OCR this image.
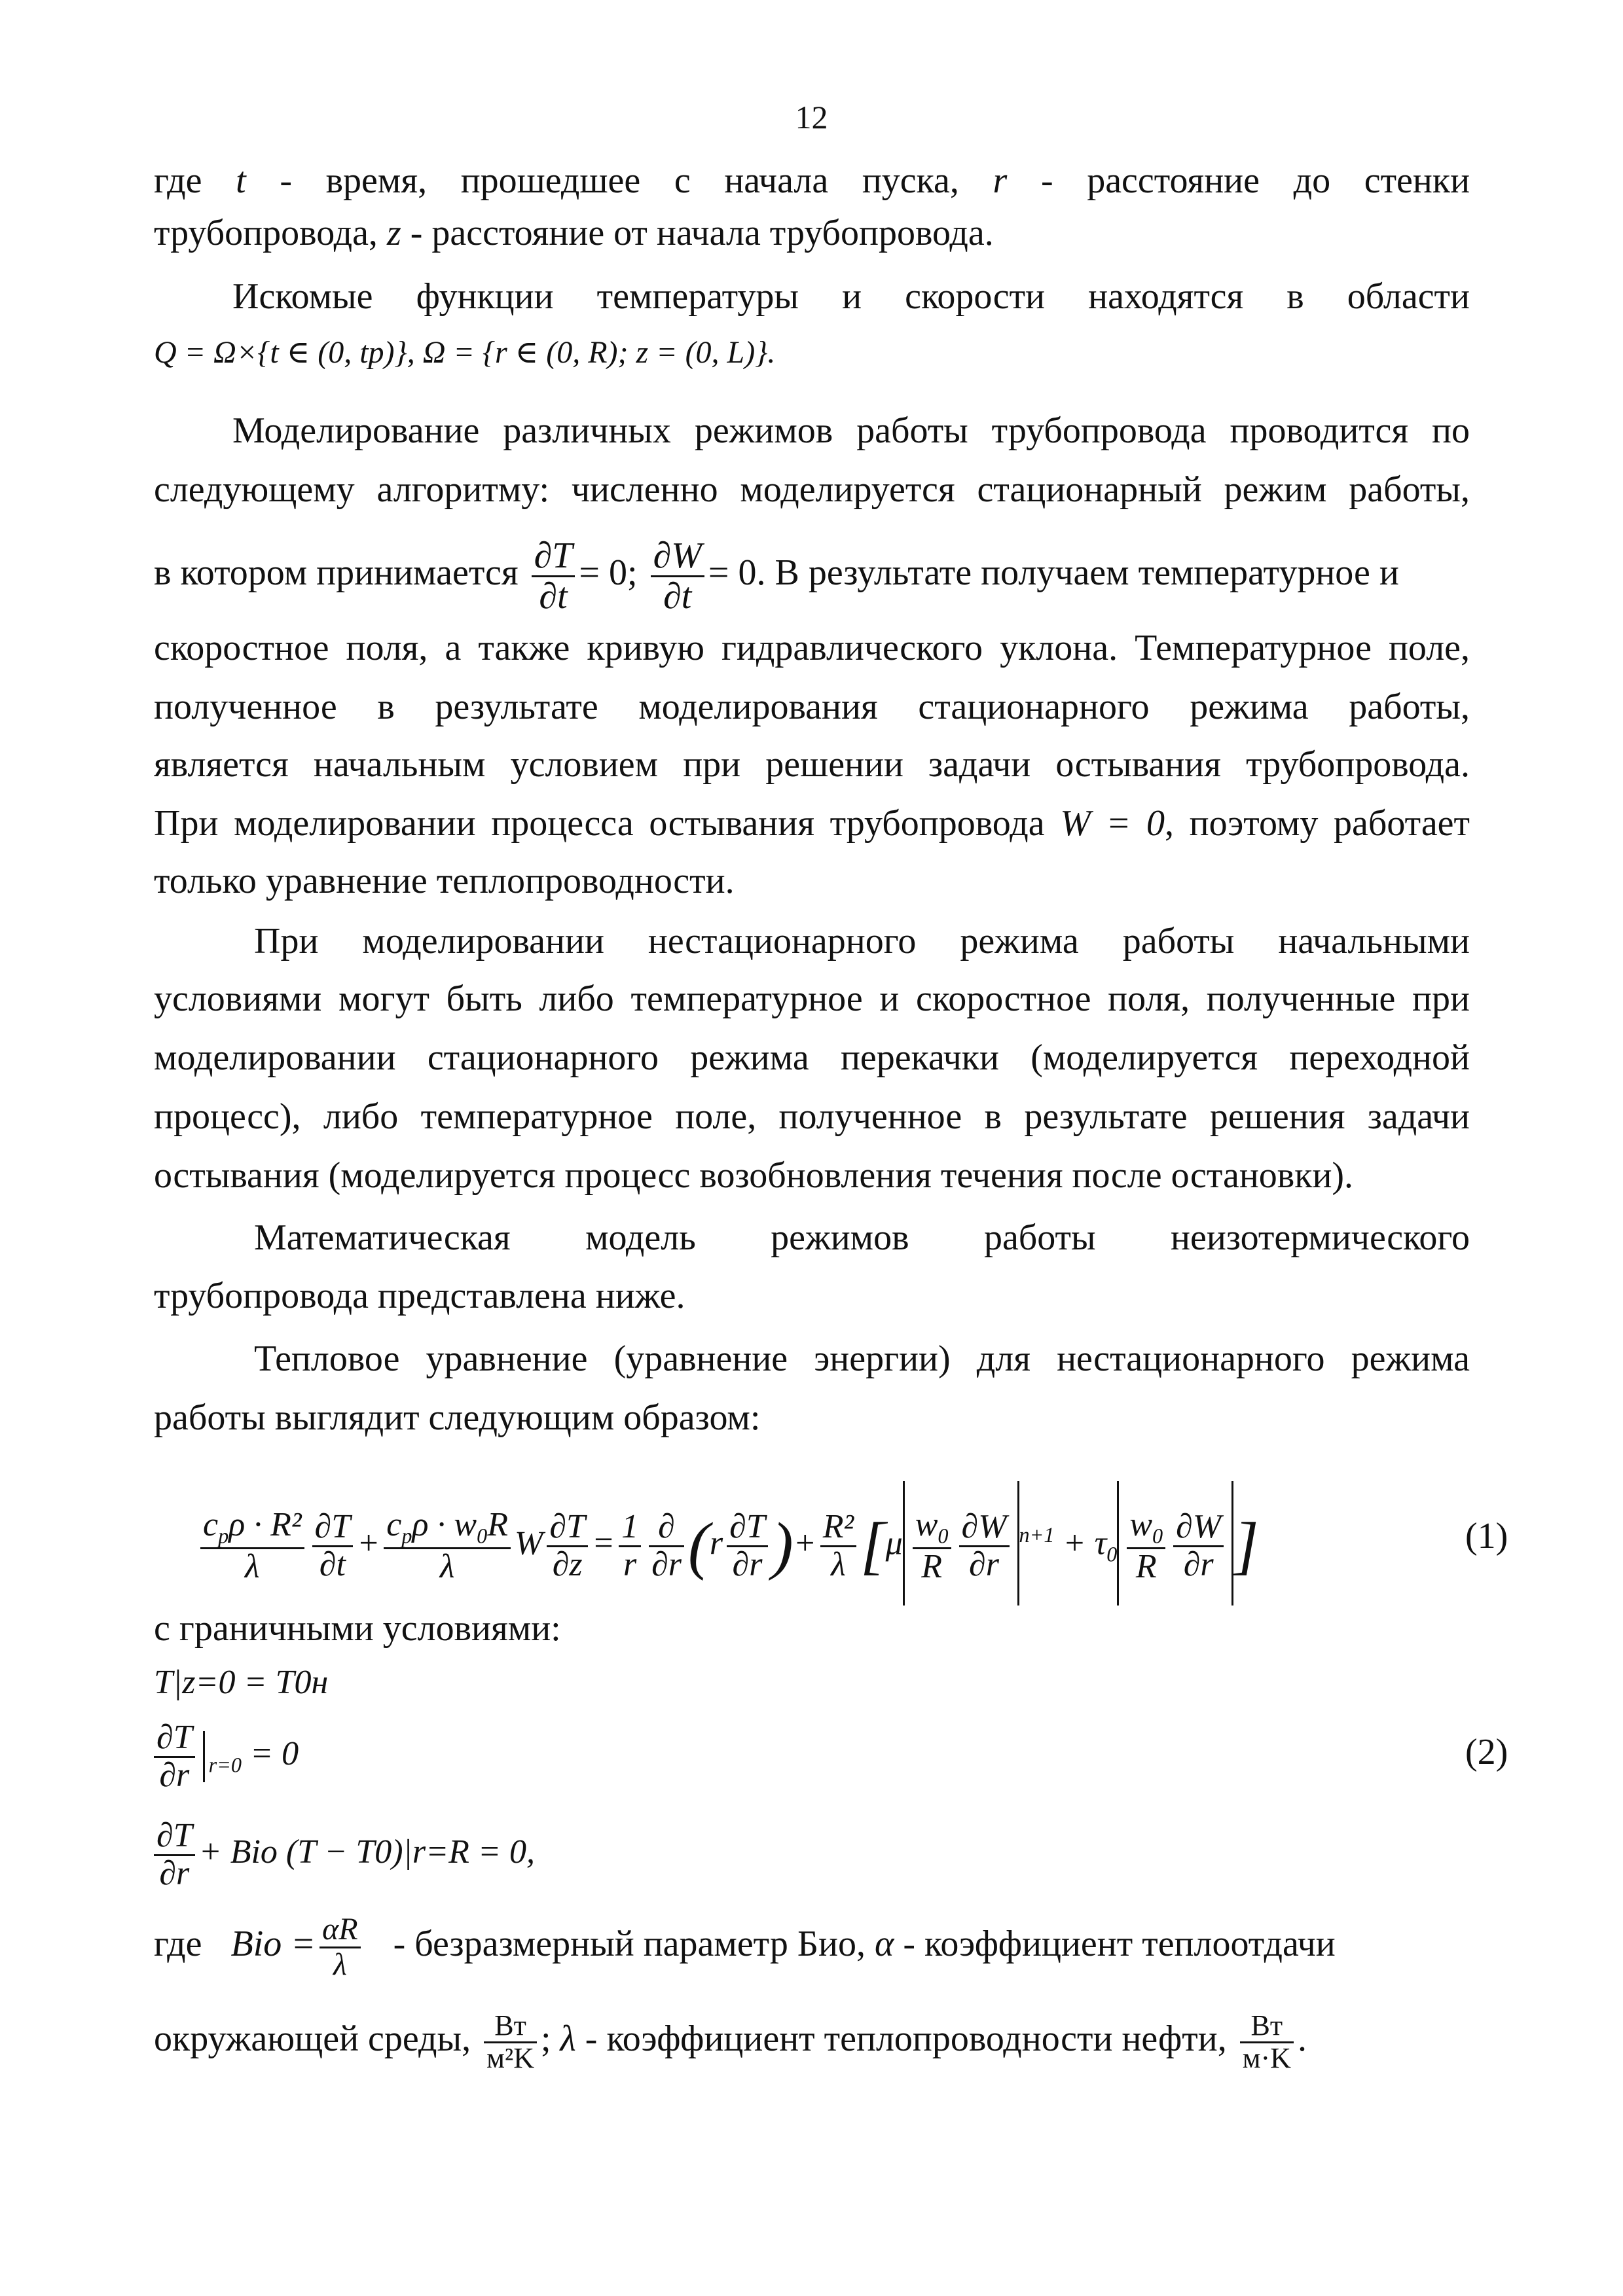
12
где t - время, прошедшее с начала пуска, r - расстояние до стенки
трубопровода, z - расстояние от начала трубопровода.
Искомые функции температуры и скорости находятся в области
Q = Ω×{t ∈ (0, tp)}, Ω = {r ∈ (0, R); z = (0, L)}.
Моделирование различных режимов работы трубопровода проводится по
следующему алгоритму: численно моделируется стационарный режим работы,
в котором принимается $\frac{\partial T}{\partial t} = 0$; $\frac{\partial W}{\partial t} = 0$. В результате получаем температурное и
скоростное поля, а также кривую гидравлического уклона. Температурное поле,
полученное в результате моделирования стационарного режима работы,
является начальным условием при решении задачи остывания трубопровода.
При моделировании процесса остывания трубопровода W = 0, поэтому работает
только уравнение теплопроводности.
При моделировании нестационарного режима работы начальными
условиями могут быть либо температурное и скоростное поля, полученные при
моделировании стационарного режима перекачки (моделируется переходной
процесс), либо температурное поле, полученное в результате решения задачи
остывания (моделируется процесс возобновления течения после остановки).
Математическая модель режимов работы неизотермического
трубопровода представлена ниже.
Тепловое уравнение (уравнение энергии) для нестационарного режима
работы выглядит следующим образом:
$\frac{c_p\rho \cdot R^2}{\lambda} \frac{\partial T}{\partial t} + \frac{c_p\rho \cdot w_0R}{\lambda}$ W $\frac{\partial T}{\partial z} = \frac{1}{r} \frac{\partial}{\partial r} (r \frac{\partial T}{\partial r}$ )+ $\frac{\text{R²}}{\lambda} [\mu \frac{w_0}{R} \frac{\partial W}{\partial r} ^{n+1} + \tau_0 \frac{w_0}{R} \frac{\partial W}{\partial r}$ ]	(1)
с граничными условиями:
T|z=0 = T0н
$\frac{\partial T}{\partial r} _{r=0} = 0$	(2)
$\frac{\partial T}{\partial r}$ + Bio (T − T0)|r=R = 0,
где Bio = $\frac{\alpha R}{\lambda}$ - безразмерный параметр Био, α - коэффициент теплоотдачи
окружающей среды, $\frac{Вт}{\text{м²K}}$ ; λ - коэффициент теплопроводности нефти, $\frac{Вт}{м\cdot K}$ .
